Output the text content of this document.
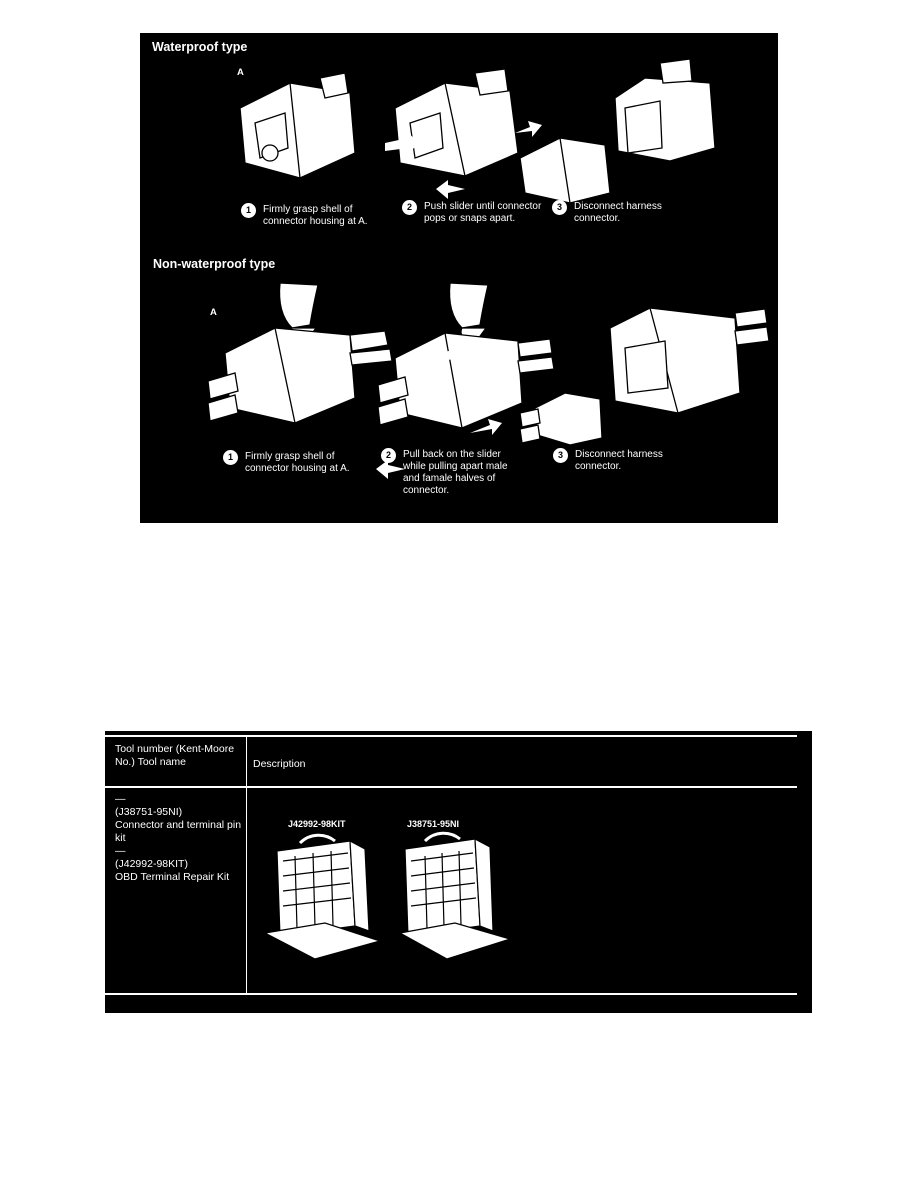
Waterproof type
A
A
1	Firmly grasp shell of connector housing at A.
2	Push slider until connector pops or snaps apart.
3	Disconnect harness connector.
Non-waterproof type
A
A
1	Firmly grasp shell of connector housing at A.
2	Pull back on the slider while pulling apart male and famale halves of connector.
3	Disconnect harness connector.
Tool number (Kent-Moore No.) Tool name	Description
—
(J38751-95NI)
Connector and terminal pin kit
—
(J42992-98KIT)
OBD Terminal Repair Kit
J42992-98KIT	J38751-95NI
